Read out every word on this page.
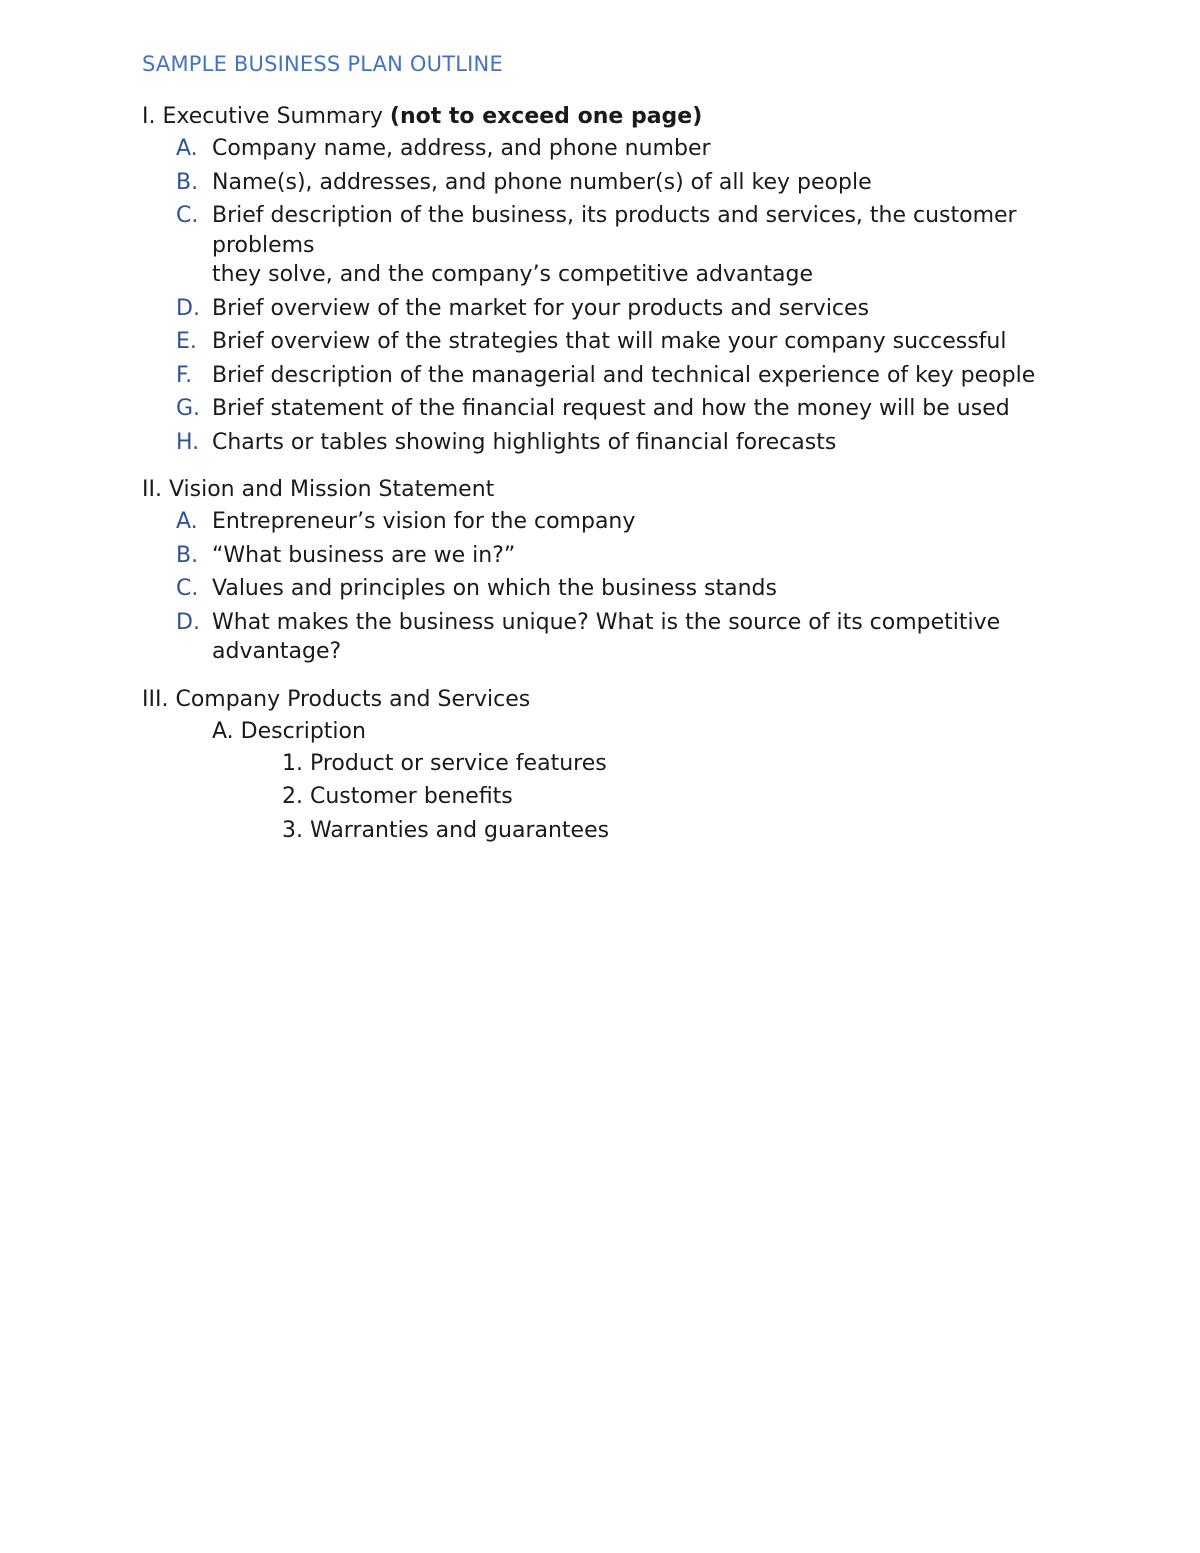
SAMPLE BUSINESS PLAN OUTLINE
I. Executive Summary (not to exceed one page)
A. Company name, address, and phone number
B. Name(s), addresses, and phone number(s) of all key people
C. Brief description of the business, its products and services, the customer problems
they solve, and the company’s competitive advantage
D. Brief overview of the market for your products and services
E. Brief overview of the strategies that will make your company successful
F. Brief description of the managerial and technical experience of key people
G. Brief statement of the financial request and how the money will be used
H. Charts or tables showing highlights of financial forecasts
II. Vision and Mission Statement
A. Entrepreneur’s vision for the company
B. “What business are we in?”
C. Values and principles on which the business stands
D. What makes the business unique? What is the source of its competitive advantage?
III. Company Products and Services
A. Description
1. Product or service features
2. Customer benefits
3. Warranties and guarantees
